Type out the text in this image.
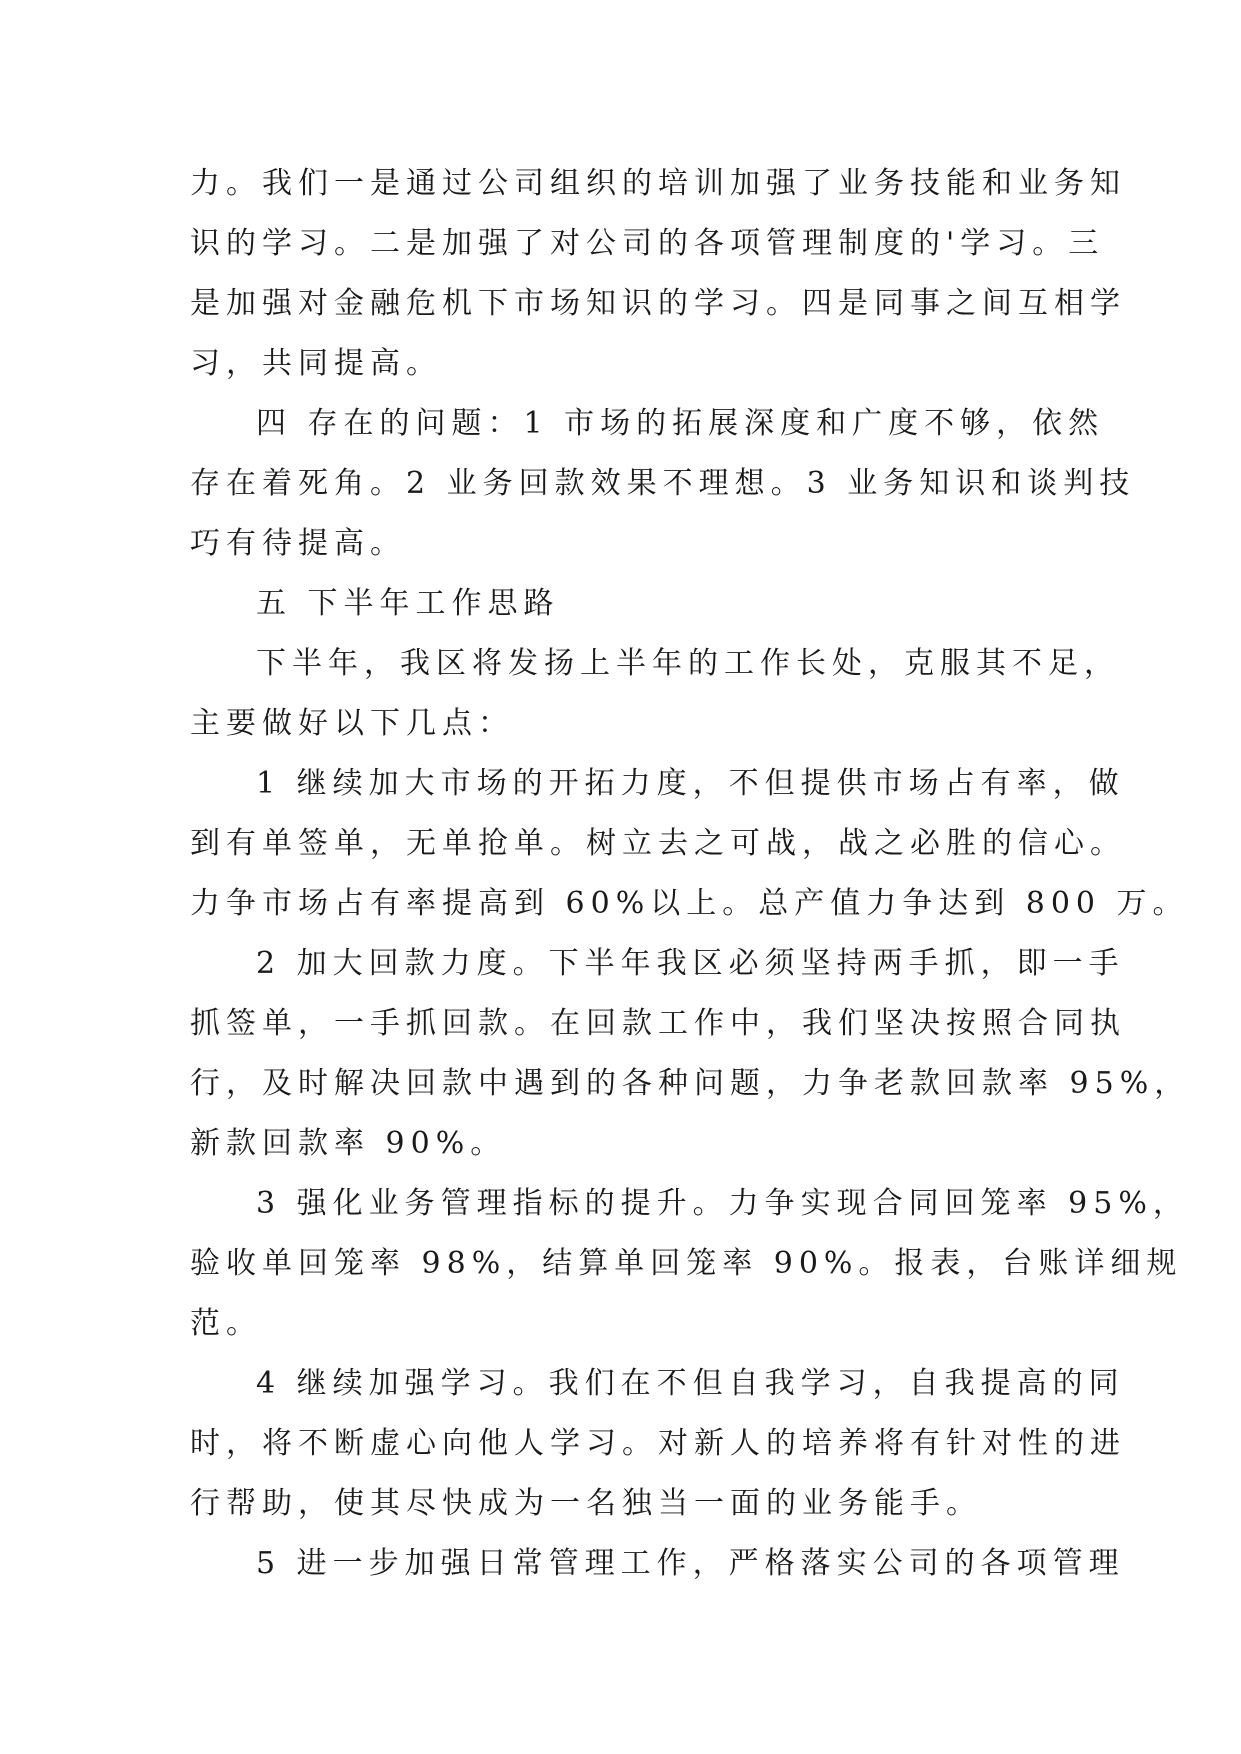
力。我们一是通过公司组织的培训加强了业务技能和业务知
识的学习。二是加强了对公司的各项管理制度的'学习。三
是加强对金融危机下市场知识的学习。四是同事之间互相学
习，共同提高。
四 存在的问题：1 市场的拓展深度和广度不够，依然
存在着死角。2 业务回款效果不理想。3 业务知识和谈判技
巧有待提高。
五 下半年工作思路
下半年，我区将发扬上半年的工作长处，克服其不足，
主要做好以下几点：
1 继续加大市场的开拓力度，不但提供市场占有率，做
到有单签单，无单抢单。树立去之可战，战之必胜的信心。
力争市场占有率提高到 60%以上。总产值力争达到 800 万。
2 加大回款力度。下半年我区必须坚持两手抓，即一手
抓签单，一手抓回款。在回款工作中，我们坚决按照合同执
行，及时解决回款中遇到的各种问题，力争老款回款率 95%，
新款回款率 90%。
3 强化业务管理指标的提升。力争实现合同回笼率 95%，
验收单回笼率 98%，结算单回笼率 90%。报表，台账详细规
范。
4 继续加强学习。我们在不但自我学习，自我提高的同
时，将不断虚心向他人学习。对新人的培养将有针对性的进
行帮助，使其尽快成为一名独当一面的业务能手。
5 进一步加强日常管理工作，严格落实公司的各项管理
